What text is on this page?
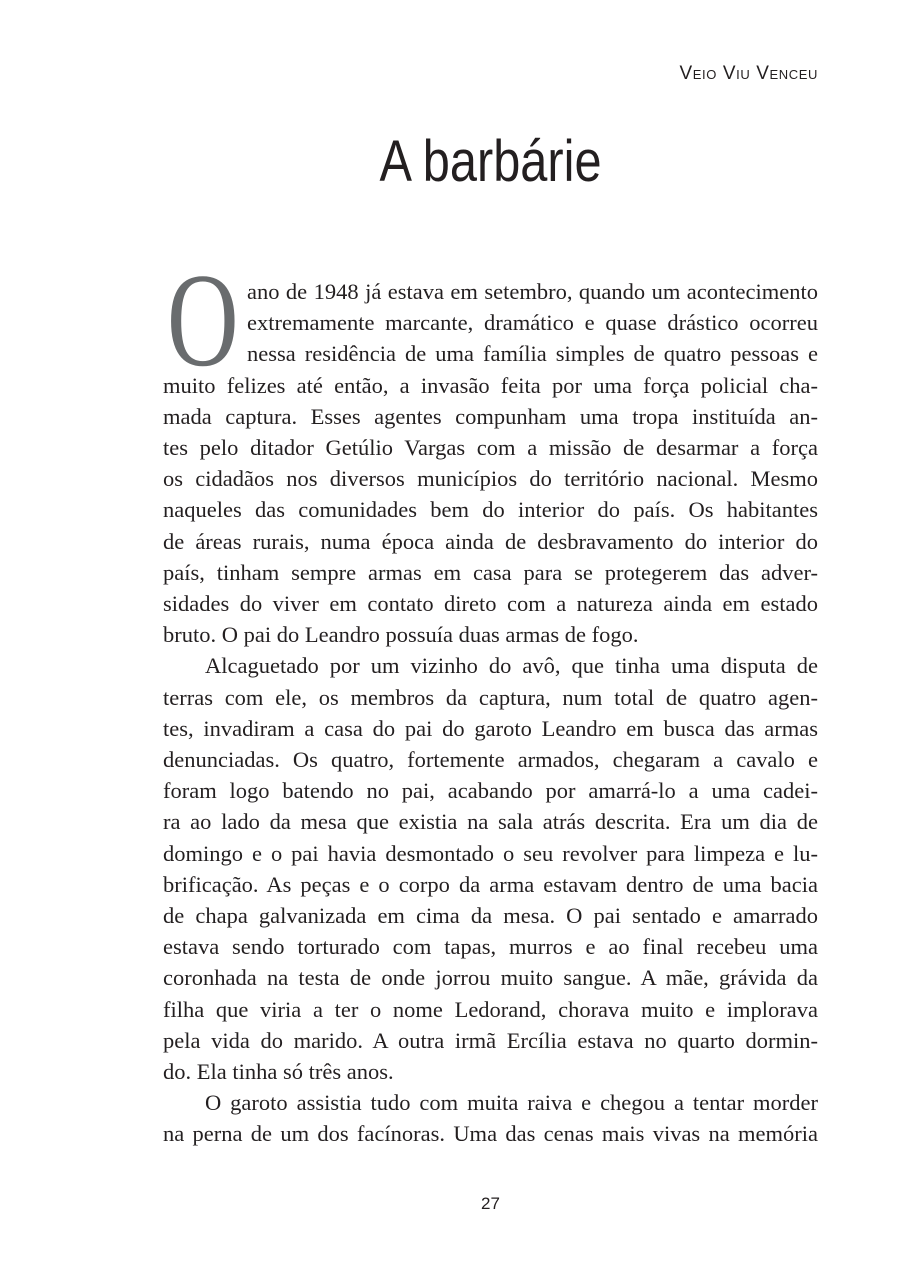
Veio Viu Venceu
A barbárie
O ano de 1948 já estava em setembro, quando um acontecimento
extremamente marcante, dramático e quase drástico ocorreu
nessa residência de uma família simples de quatro pessoas e
muito felizes até então, a invasão feita por uma força policial cha-
mada captura. Esses agentes compunham uma tropa instituída an-
tes pelo ditador Getúlio Vargas com a missão de desarmar a força
os cidadãos nos diversos municípios do território nacional. Mesmo
naqueles das comunidades bem do interior do país. Os habitantes
de áreas rurais, numa época ainda de desbravamento do interior do
país, tinham sempre armas em casa para se protegerem das adver-
sidades do viver em contato direto com a natureza ainda em estado
bruto. O pai do Leandro possuía duas armas de fogo.
Alcaguetado por um vizinho do avô, que tinha uma disputa de
terras com ele, os membros da captura, num total de quatro agen-
tes, invadiram a casa do pai do garoto Leandro em busca das armas
denunciadas. Os quatro, fortemente armados, chegaram a cavalo e
foram logo batendo no pai, acabando por amarrá-lo a uma cadei-
ra ao lado da mesa que existia na sala atrás descrita. Era um dia de
domingo e o pai havia desmontado o seu revolver para limpeza e lu-
brificação. As peças e o corpo da arma estavam dentro de uma bacia
de chapa galvanizada em cima da mesa. O pai sentado e amarrado
estava sendo torturado com tapas, murros e ao final recebeu uma
coronhada na testa de onde jorrou muito sangue. A mãe, grávida da
filha que viria a ter o nome Ledorand, chorava muito e implorava
pela vida do marido. A outra irmã Ercília estava no quarto dormin-
do. Ela tinha só três anos.
O garoto assistia tudo com muita raiva e chegou a tentar morder
na perna de um dos facínoras. Uma das cenas mais vivas na memória
27
